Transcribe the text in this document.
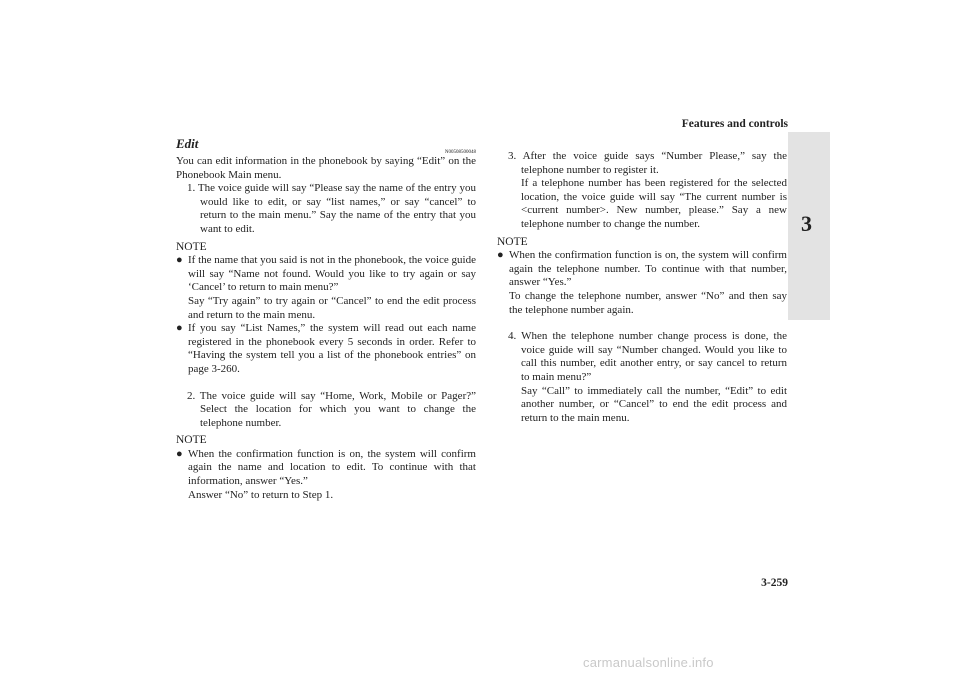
Features and controls
3
Edit
N00508500048

You can edit information in the phonebook by saying “Edit” on the Phonebook Main menu.

1. The voice guide will say “Please say the name of the entry you would like to edit, or say “list names,” or say “cancel” to return to the main menu.” Say the name of the entry that you want to edit.

NOTE
● If the name that you said is not in the phonebook, the voice guide will say “Name not found. Would you like to try again or say ‘Cancel’ to return to main menu?”
Say “Try again” to try again or “Cancel” to end the edit process and return to the main menu.
● If you say “List Names,” the system will read out each name registered in the phonebook every 5 seconds in order. Refer to “Having the system tell you a list of the phonebook entries” on page 3-260.

2. The voice guide will say “Home, Work, Mobile or Pager?” Select the location for which you want to change the telephone number.

NOTE
● When the confirmation function is on, the system will confirm again the name and location to edit. To continue with that information, answer “Yes.”
Answer “No” to return to Step 1.
3. After the voice guide says “Number Please,” say the telephone number to register it.
If a telephone number has been registered for the selected location, the voice guide will say “The current number is <current number>. New number, please.” Say a new telephone number to change the number.
NOTE
● When the confirmation function is on, the system will confirm again the telephone number. To continue with that number, answer “Yes.”
To change the telephone number, answer “No” and then say the telephone number again.
4. When the telephone number change process is done, the voice guide will say “Number changed. Would you like to call this number, edit another entry, or say cancel to return to main menu?”
Say “Call” to immediately call the number, “Edit” to edit another number, or “Cancel” to end the edit process and return to the main menu.
3-259
carmanualsonline.info
